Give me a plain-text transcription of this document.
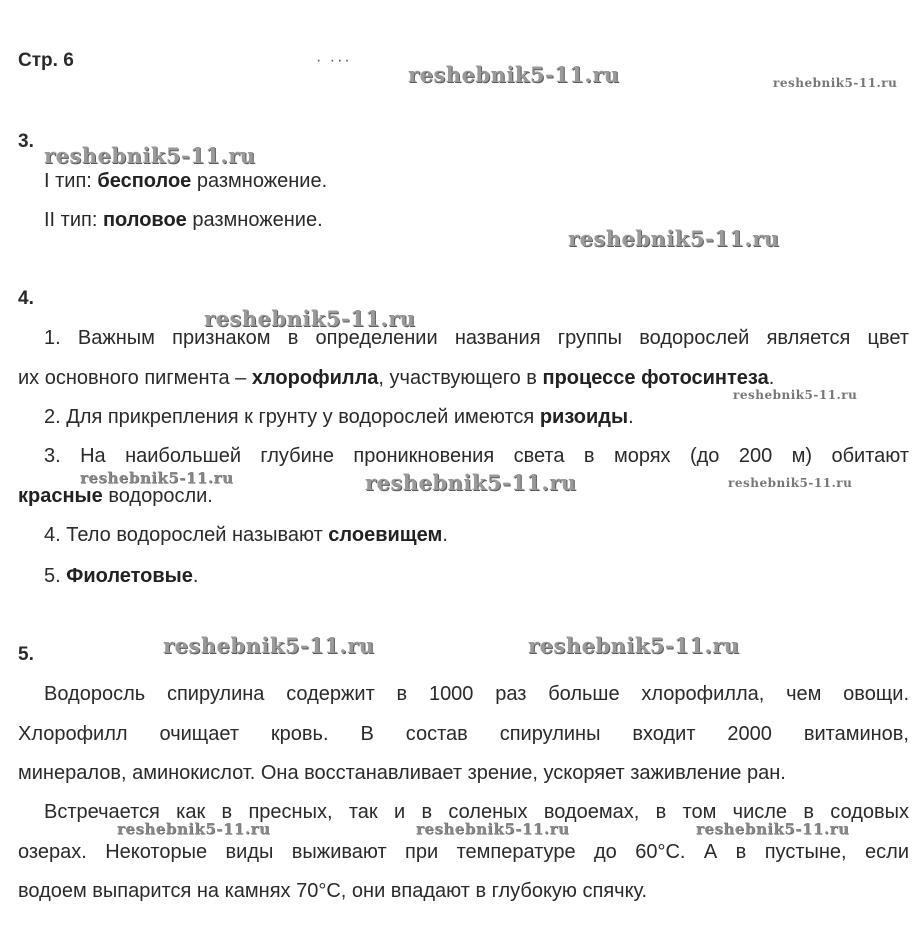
Стр. 6	· ···
reshebnik5-11.ru	reshebnik5-11.ru
reshebnik5-11.ru
reshebnik5-11.ru
reshebnik5-11.ru
reshebnik5-11.ru
reshebnik5-11.ru	reshebnik5-11.ru	reshebnik5-11.ru
reshebnik5-11.ru	reshebnik5-11.ru
reshebnik5-11.ru	reshebnik5-11.ru	reshebnik5-11.ru
3.
I тип: бесполое размножение.
II тип: половое размножение.
4.
1. Важным признаком в определении названия группы водорослей является цвет
их основного пигмента – хлорофилла, участвующего в процессе фотосинтеза.
2. Для прикрепления к грунту у водорослей имеются ризоиды.
3. На наибольшей глубине проникновения света в морях (до 200 м) обитают
красные водоросли.
4. Тело водорослей называют слоевищем.
5. Фиолетовые.
5.
Водоросль спирулина содержит в 1000 раз больше хлорофилла, чем овощи.
Хлорофилл очищает кровь. В состав спирулины входит 2000 витаминов,
минералов, аминокислот. Она восстанавливает зрение, ускоряет заживление ран.
Встречается как в пресных, так и в соленых водоемах, в том числе в содовых
озерах. Некоторые виды выживают при температуре до 60°С. А в пустыне, если
водоем выпарится на камнях 70°С, они впадают в глубокую спячку.
